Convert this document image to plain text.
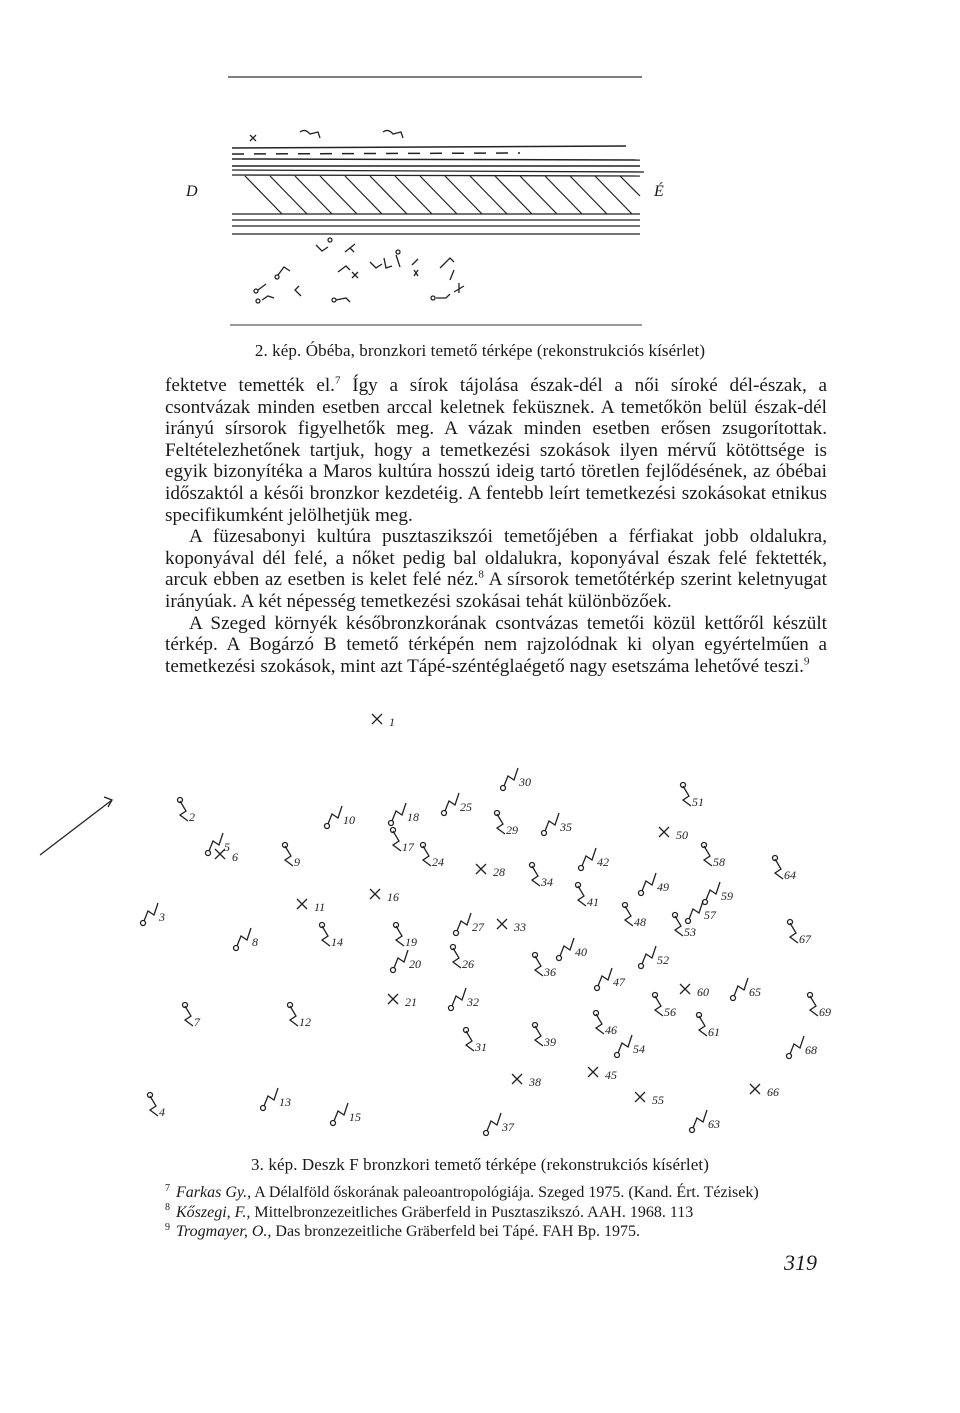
D	É
2. kép. Óbéba, bronzkori temető térképe (rekonstrukciós kísérlet)

fektetve temették el.$^7$ Így a sírok tájolása észak-dél a női síroké dél-észak, a csontvázak minden esetben arccal keletnek feküsznek. A temetőkön belül észak-dél irányú sírsorok figyelhetők meg. A vázak minden esetben erősen zsugorítottak. Feltételezhetőnek tartjuk, hogy a temetkezési szokások ilyen mérvű kötöttsége is egyik bizonyítéka a Maros kultúra hosszú ideig tartó töretlen fejlődésének, az óbébai időszaktól a késői bronzkor kezdetéig. A fentebb leírt temetkezési szokásokat etnikus specifikumként jelölhetjük meg.

A füzesabonyi kultúra pusztaszikszói temetőjében a férfiakat jobb oldalukra, koponyával dél felé, a nőket pedig bal oldalukra, koponyával észak felé fektették, arcuk ebben az esetben is kelet felé néz.$^8$ A sírsorok temetőtérkép szerint keletnyugat irányúak. A két népesség temetkezési szokásai tehát különbözőek.

A Szeged környék későbronzkorának csontvázas temetői közül kettőről készült térkép. A Bogárzó B temető térképén nem rajzolódnak ki olyan egyértelműen a temetkezési szokások, mint azt Tápé-széntéglaégető nagy esetszáma lehetővé teszi.$^9$

1
2
3
4
5
6
7
8
9
10
11
12
13
14
15
16
17
18
19
20
21
24
25
26
27
28
29
30
31
32
33
34
35
36
37
38
39
40
41
42
45
46
47
48
49
50
51
52
53
54
55
56
57
58
59
60
61
63
64
65
66
67
68
69
3. kép. Deszk F bronzkori temető térképe (rekonstrukciós kísérlet)
$^7$ Farkas Gy., A Délalföld őskorának paleoantropológiája. Szeged 1975. (Kand. Ért. Tézisek)
$^8$ Kőszegi, F., Mittelbronzezeitliches Gräberfeld in Pusztaszikszó. AAH. 1968. 113
$^9$ Trogmayer, O., Das bronzezeitliche Gräberfeld bei Tápé. FAH Bp. 1975.
319
